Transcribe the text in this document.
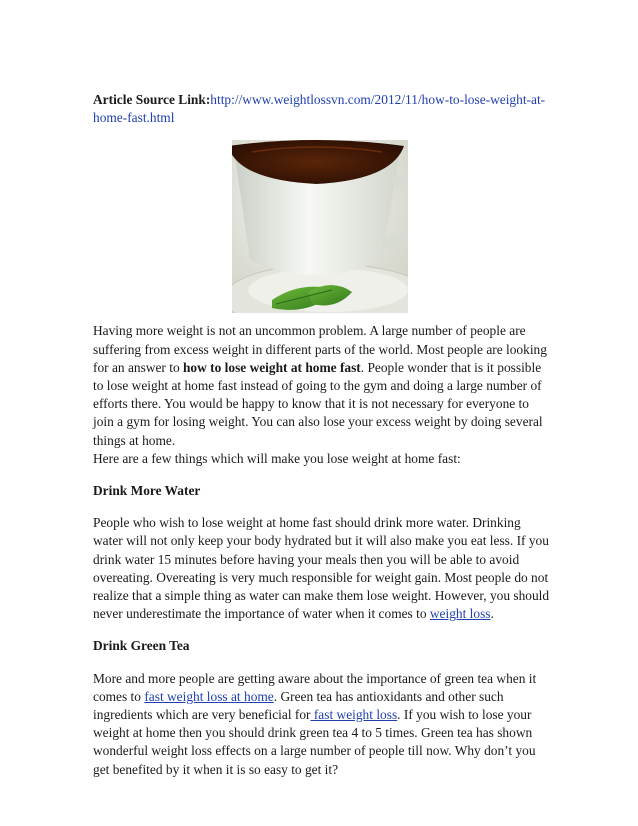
Article Source Link:http://www.weightlossvn.com/2012/11/how-to-lose-weight-at-home-fast.html

Having more weight is not an uncommon problem. A large number of people are suffering from excess weight in different parts of the world. Most people are looking for an answer to how to lose weight at home fast. People wonder that is it possible to lose weight at home fast instead of going to the gym and doing a large number of efforts there. You would be happy to know that it is not necessary for everyone to join a gym for losing weight. You can also lose your excess weight by doing several things at home.
Here are a few things which will make you lose weight at home fast:

Drink More Water

People who wish to lose weight at home fast should drink more water. Drinking water will not only keep your body hydrated but it will also make you eat less. If you drink water 15 minutes before having your meals then you will be able to avoid overeating. Overeating is very much responsible for weight gain. Most people do not realize that a simple thing as water can make them lose weight. However, you should never underestimate the importance of water when it comes to weight loss.

Drink Green Tea

More and more people are getting aware about the importance of green tea when it comes to fast weight loss at home. Green tea has antioxidants and other such ingredients which are very beneficial for fast weight loss. If you wish to lose your weight at home then you should drink green tea 4 to 5 times. Green tea has shown wonderful weight loss effects on a large number of people till now. Why don’t you get benefited by it when it is so easy to get it?
